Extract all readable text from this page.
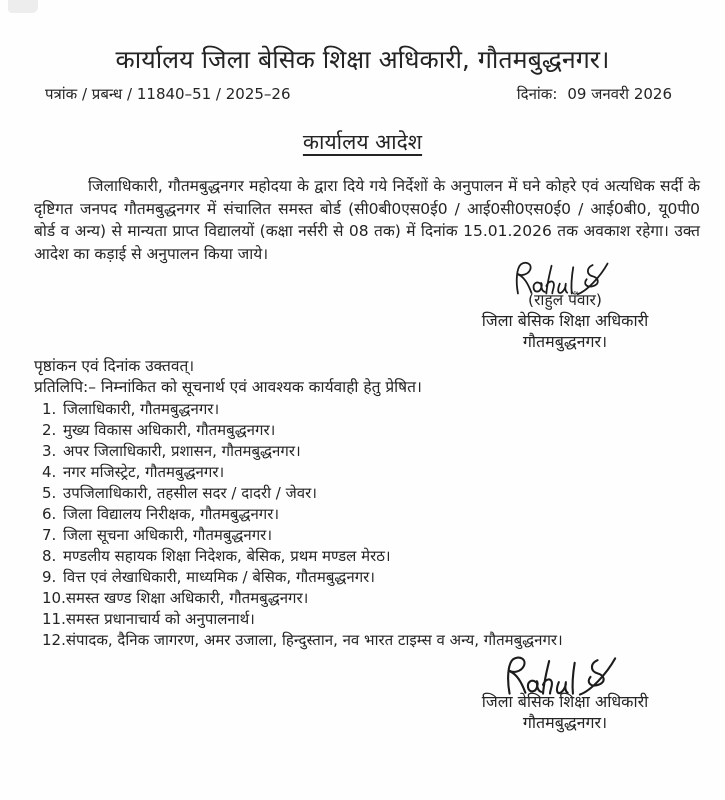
कार्यालय जिला बेसिक शिक्षा अधिकारी, गौतमबुद्धनगर।
पत्रांक / प्रबन्ध / 11840–51 / 2025–26	दिनांक: 09 जनवरी 2026
कार्यालय आदेश

जिलाधिकारी, गौतमबुद्धनगर महोदया के द्वारा दिये गये निर्देशों के अनुपालन में घने कोहरे एवं अत्यधिक सर्दी के दृष्टिगत जनपद गौतमबुद्धनगर में संचालित समस्त बोर्ड (सी0बी0एस0ई0 / आई0सी0एस0ई0 / आई0बी0, यू0पी0 बोर्ड व अन्य) से मान्यता प्राप्त विद्यालयों (कक्षा नर्सरी से 08 तक) में दिनांक 15.01.2026 तक अवकाश रहेगा। उक्त आदेश का कड़ाई से अनुपालन किया जाये।

(राहुल पँवार)
जिला बेसिक शिक्षा अधिकारी
गौतमबुद्धनगर।
पृष्ठांकन एवं दिनांक उक्तवत्।
प्रतिलिपि:– निम्नांकित को सूचनार्थ एवं आवश्यक कार्यवाही हेतु प्रेषित।
1. जिलाधिकारी, गौतमबुद्धनगर।
2. मुख्य विकास अधिकारी, गौतमबुद्धनगर।
3. अपर जिलाधिकारी, प्रशासन, गौतमबुद्धनगर।
4. नगर मजिस्ट्रेट, गौतमबुद्धनगर।
5. उपजिलाधिकारी, तहसील सदर / दादरी / जेवर।
6. जिला विद्यालय निरीक्षक, गौतमबुद्धनगर।
7. जिला सूचना अधिकारी, गौतमबुद्धनगर।
8. मण्डलीय सहायक शिक्षा निदेशक, बेसिक, प्रथम मण्डल मेरठ।
9. वित्त एवं लेखाधिकारी, माध्यमिक / बेसिक, गौतमबुद्धनगर।
10.समस्त खण्ड शिक्षा अधिकारी, गौतमबुद्धनगर।
11.समस्त प्रधानाचार्य को अनुपालनार्थ।
12.संपादक, दैनिक जागरण, अमर उजाला, हिन्दुस्तान, नव भारत टाइम्स व अन्य, गौतमबुद्धनगर।
जिला बेसिक शिक्षा अधिकारी
गौतमबुद्धनगर।
